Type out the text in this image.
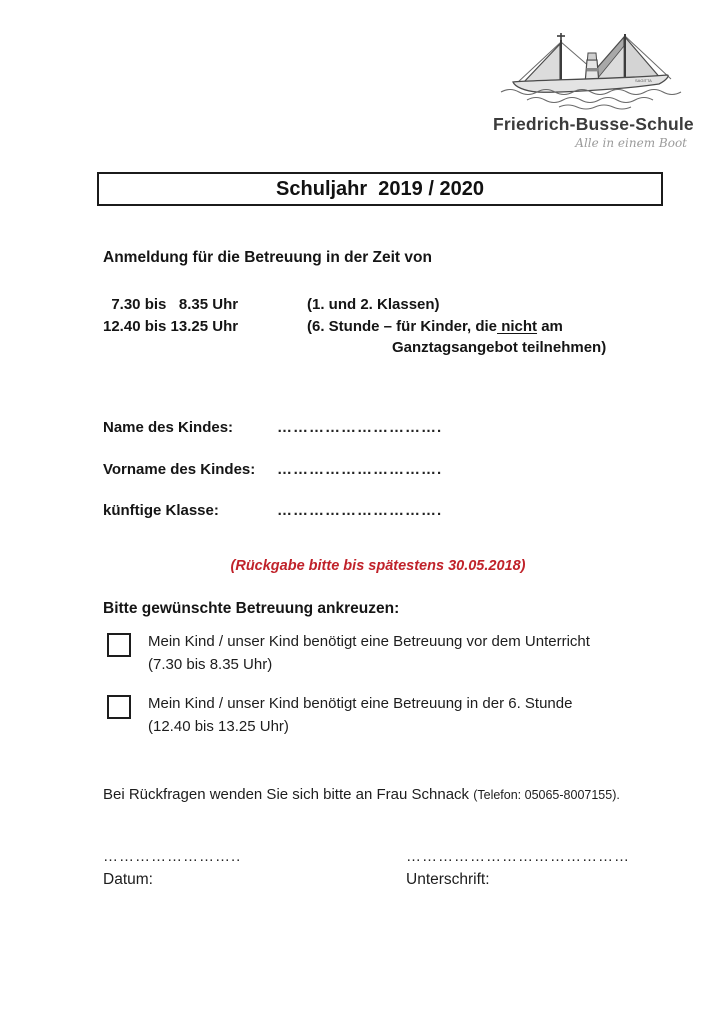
SAGITTA
Friedrich-Busse-Schule
Alle in einem Boot
Schuljahr  2019 / 2020
Anmeldung für die Betreuung in der Zeit von
7.30 bis   8.35 Uhr	(1. und 2. Klassen)
12.40 bis 13.25 Uhr	(6. Stunde – für Kinder, die nicht am
Ganztagsangebot teilnehmen)
Name des Kindes:	………………………….
Vorname des Kindes:	………………………….
künftige Klasse:	………………………….
(Rückgabe bitte bis spätestens 30.05.2018)
Bitte gewünschte Betreuung ankreuzen:
Mein Kind / unser Kind benötigt eine Betreuung vor dem Unterricht
(7.30 bis 8.35 Uhr)
Mein Kind / unser Kind benötigt eine Betreuung in der 6. Stunde
(12.40 bis 13.25 Uhr)
Bei Rückfragen wenden Sie sich bitte an Frau Schnack (Telefon: 05065-8007155).
……………………..
Datum:
……………………………………
Unterschrift:
